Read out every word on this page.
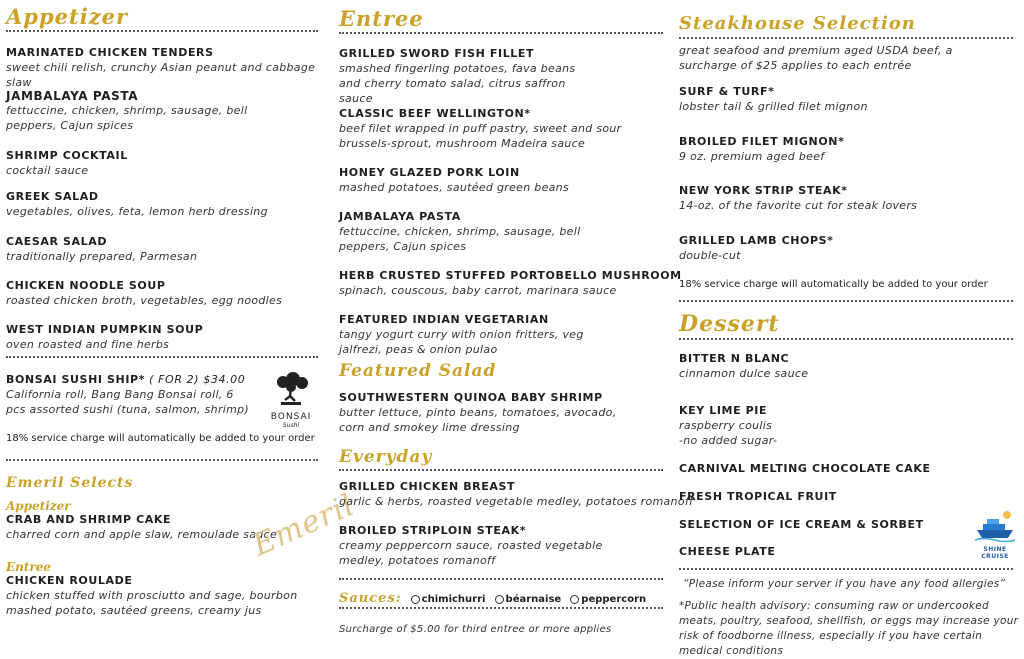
Appetizer
MARINATED CHICKEN TENDERS
sweet chili relish, crunchy Asian peanut and cabbage slaw
JAMBALAYA PASTA
fettuccine, chicken, shrimp, sausage, bell peppers, Cajun spices
SHRIMP COCKTAIL
cocktail sauce
GREEK SALAD
vegetables, olives, feta, lemon herb dressing
CAESAR SALAD
traditionally prepared, Parmesan
CHICKEN NOODLE SOUP
roasted chicken broth, vegetables, egg noodles
WEST INDIAN PUMPKIN SOUP
oven roasted and fine herbs
BONSAI SUSHI SHIP* ( FOR 2) $34.00
California roll, Bang Bang Bonsai roll, 6 pcs assorted sushi (tuna, salmon, shrimp)
BONSAI
Sushi
18% service charge will automatically be added to your order
Emeril Selects
Appetizer
CRAB AND SHRIMP CAKE
charred corn and apple slaw, remoulade sauce
Emeril
Entree
CHICKEN ROULADE
chicken stuffed with prosciutto and sage, bourbon mashed potato, sautéed greens, creamy jus
Entree
GRILLED SWORD FISH FILLET
smashed fingerling potatoes, fava beans and cherry tomato salad, citrus saffron sauce
CLASSIC BEEF WELLINGTON*
beef filet wrapped in puff pastry, sweet and sour brussels-sprout, mushroom Madeira sauce
HONEY GLAZED PORK LOIN
mashed potatoes, sautéed green beans
JAMBALAYA PASTA
fettuccine, chicken, shrimp, sausage, bell peppers, Cajun spices
HERB CRUSTED STUFFED PORTOBELLO MUSHROOM
spinach, couscous, baby carrot, marinara sauce
FEATURED INDIAN VEGETARIAN
tangy yogurt curry with onion fritters, veg jalfrezi, peas & onion pulao
Featured Salad
SOUTHWESTERN QUINOA BABY SHRIMP
butter lettuce, pinto beans, tomatoes, avocado, corn and smokey lime dressing
Everyday
GRILLED CHICKEN BREAST
garlic & herbs, roasted vegetable medley, potatoes romanoff
BROILED STRIPLOIN STEAK*
creamy peppercorn sauce, roasted vegetable medley, potatoes romanoff
Sauces: chimichurri béarnaise peppercorn
Surcharge of $5.00 for third entree or more applies
Steakhouse Selection
great seafood and premium aged USDA beef, a surcharge of $25 applies to each entrée
SURF & TURF*
lobster tail & grilled filet mignon
BROILED FILET MIGNON*
9 oz. premium aged beef
NEW YORK STRIP STEAK*
14-oz. of the favorite cut for steak lovers
GRILLED LAMB CHOPS*
double-cut
18% service charge will automatically be added to your order
Dessert
BITTER N BLANC
cinnamon dulce sauce
KEY LIME PIE
raspberry coulis
-no added sugar-
CARNIVAL MELTING CHOCOLATE CAKE
FRESH TROPICAL FRUIT
SELECTION OF ICE CREAM & SORBET
CHEESE PLATE	SHINE CRUISE
“Please inform your server if you have any food allergies”
*Public health advisory: consuming raw or undercooked meats, poultry, seafood, shellfish, or eggs may increase your risk of foodborne illness, especially if you have certain medical conditions
